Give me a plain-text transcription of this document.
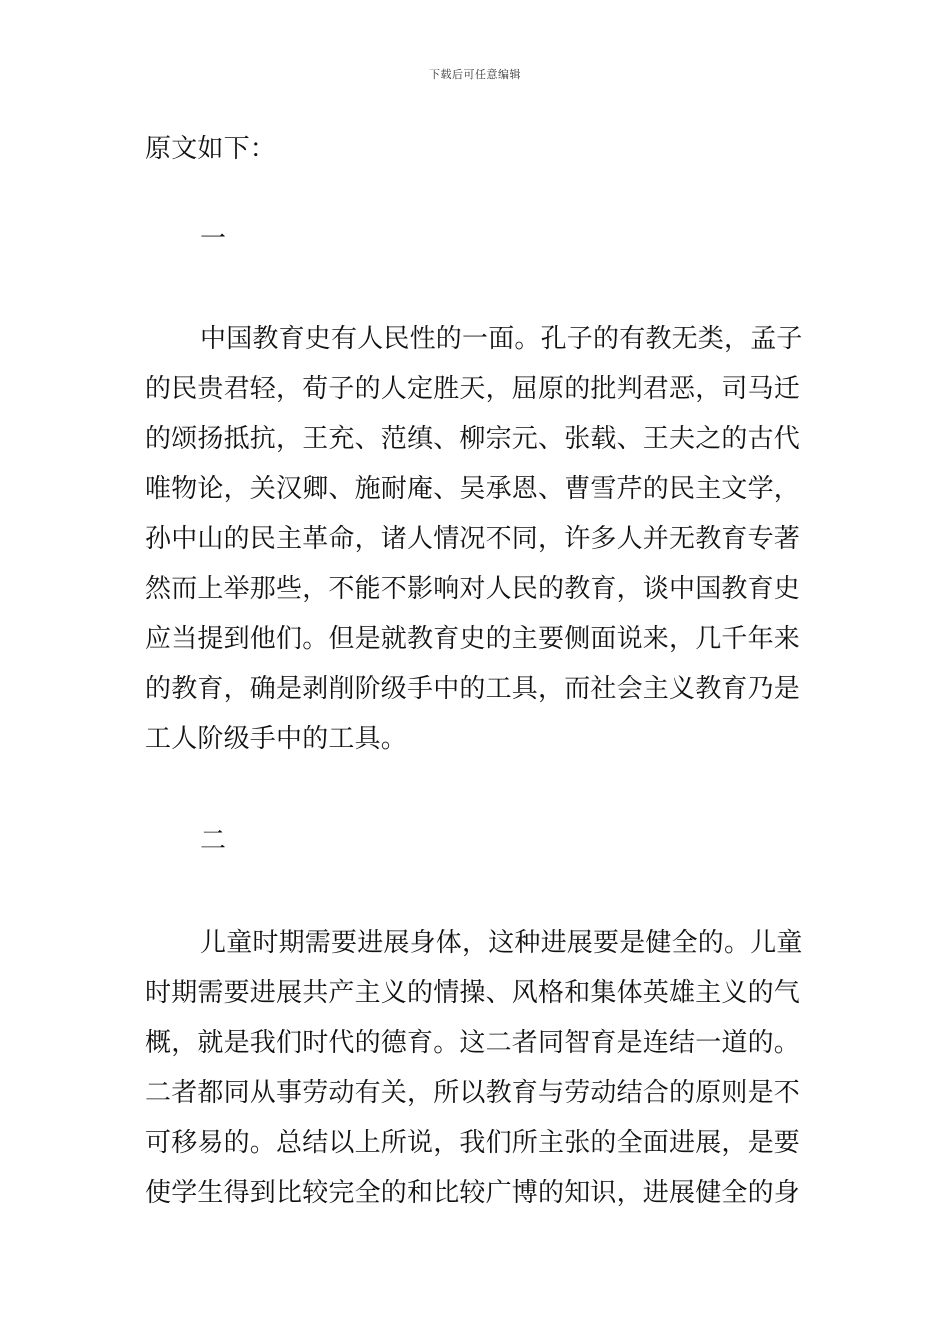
下载后可任意编辑
原文如下：
一
中国教育史有人民性的一面。孔子的有教无类，孟子
的民贵君轻，荀子的人定胜天，屈原的批判君恶，司马迁
的颂扬抵抗，王充、范缜、柳宗元、张载、王夫之的古代
唯物论，关汉卿、施耐庵、吴承恩、曹雪芹的民主文学，
孙中山的民主革命，诸人情况不同，许多人并无教育专著
然而上举那些，不能不影响对人民的教育，谈中国教育史
应当提到他们。但是就教育史的主要侧面说来，几千年来
的教育，确是剥削阶级手中的工具，而社会主义教育乃是
工人阶级手中的工具。
二
儿童时期需要进展身体，这种进展要是健全的。儿童
时期需要进展共产主义的情操、风格和集体英雄主义的气
概，就是我们时代的德育。这二者同智育是连结一道的。
二者都同从事劳动有关，所以教育与劳动结合的原则是不
可移易的。总结以上所说，我们所主张的全面进展，是要
使学生得到比较完全的和比较广博的知识，进展健全的身
